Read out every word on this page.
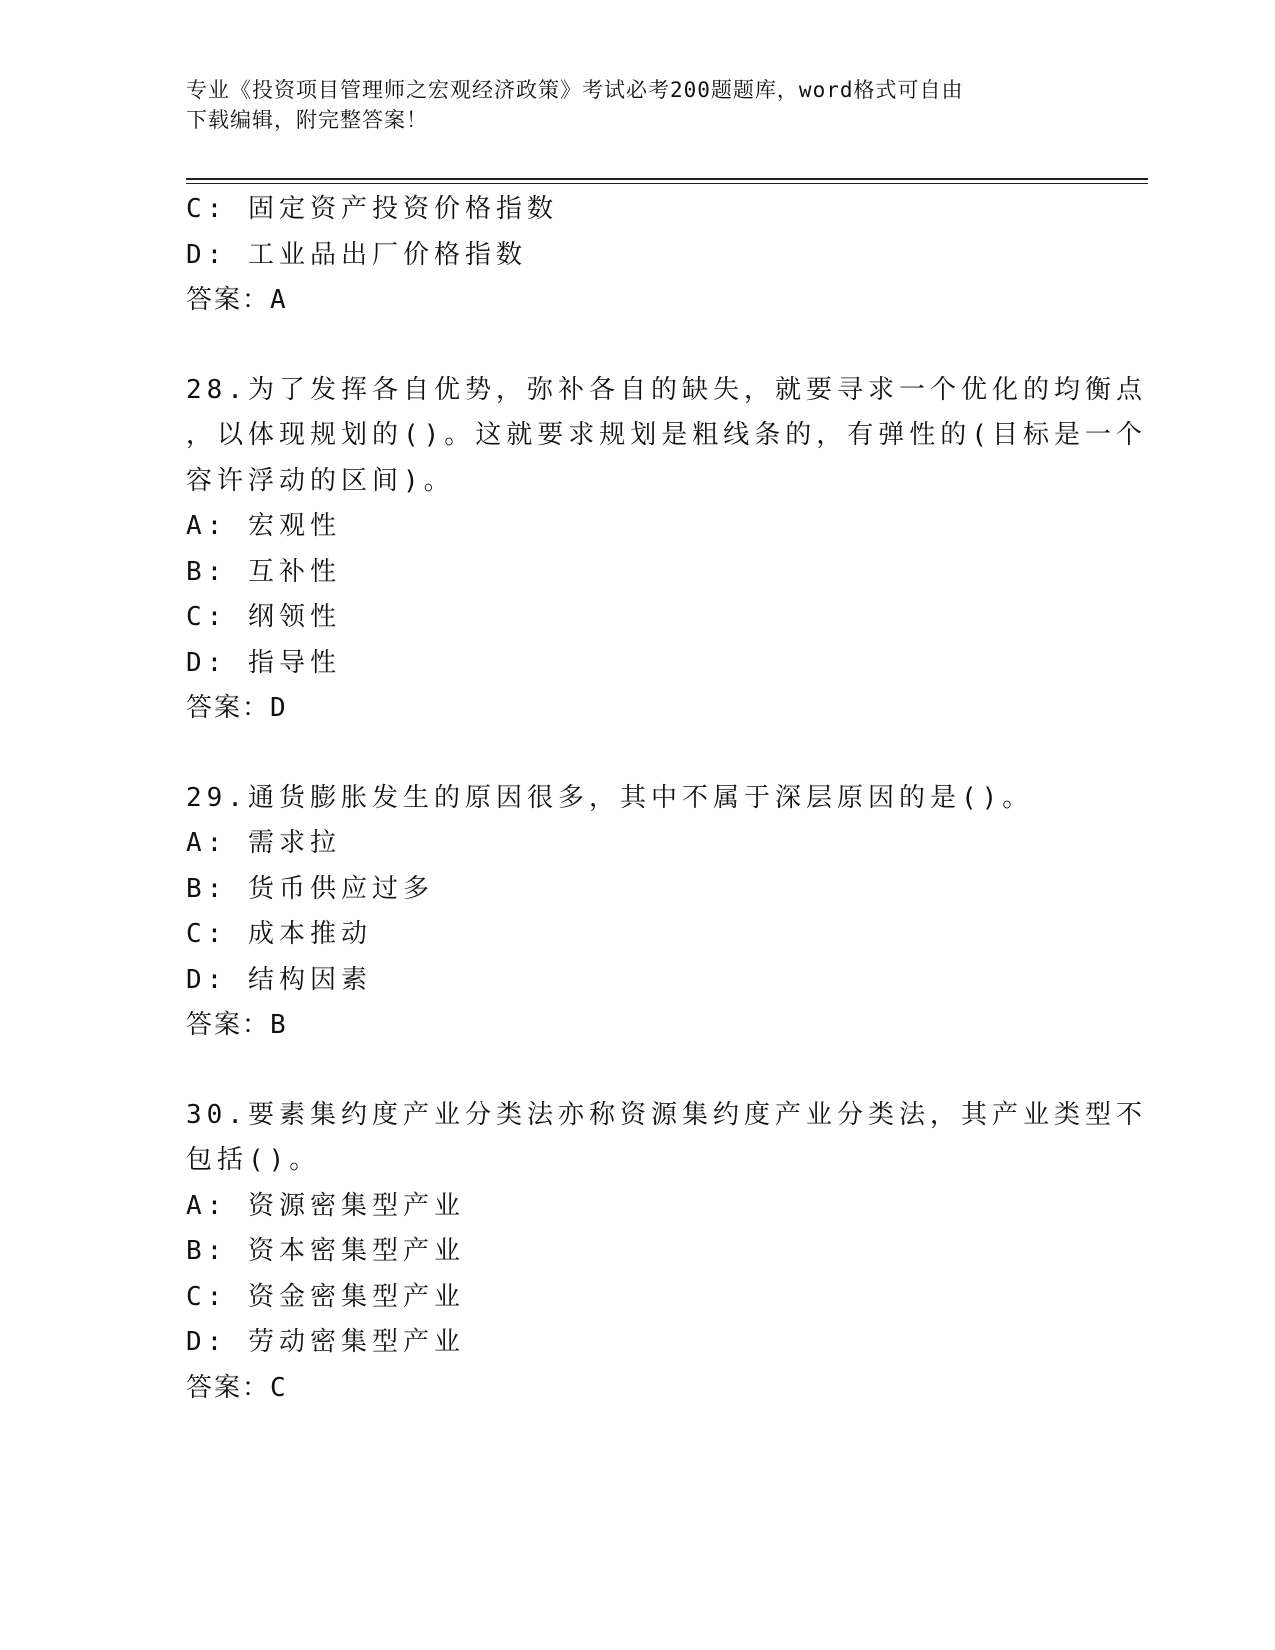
专业《投资项目管理师之宏观经济政策》考试必考200题题库，word格式可自由
下载编辑，附完整答案！
C: 固定资产投资价格指数
D: 工业品出厂价格指数
答案：A
28.为了发挥各自优势，弥补各自的缺失，就要寻求一个优化的均衡点
，以体现规划的()。这就要求规划是粗线条的，有弹性的(目标是一个
容许浮动的区间)。
A: 宏观性
B: 互补性
C: 纲领性
D: 指导性
答案：D
29.通货膨胀发生的原因很多，其中不属于深层原因的是()。
A: 需求拉
B: 货币供应过多
C: 成本推动
D: 结构因素
答案：B
30.要素集约度产业分类法亦称资源集约度产业分类法，其产业类型不
包括()。
A: 资源密集型产业
B: 资本密集型产业
C: 资金密集型产业
D: 劳动密集型产业
答案：C
